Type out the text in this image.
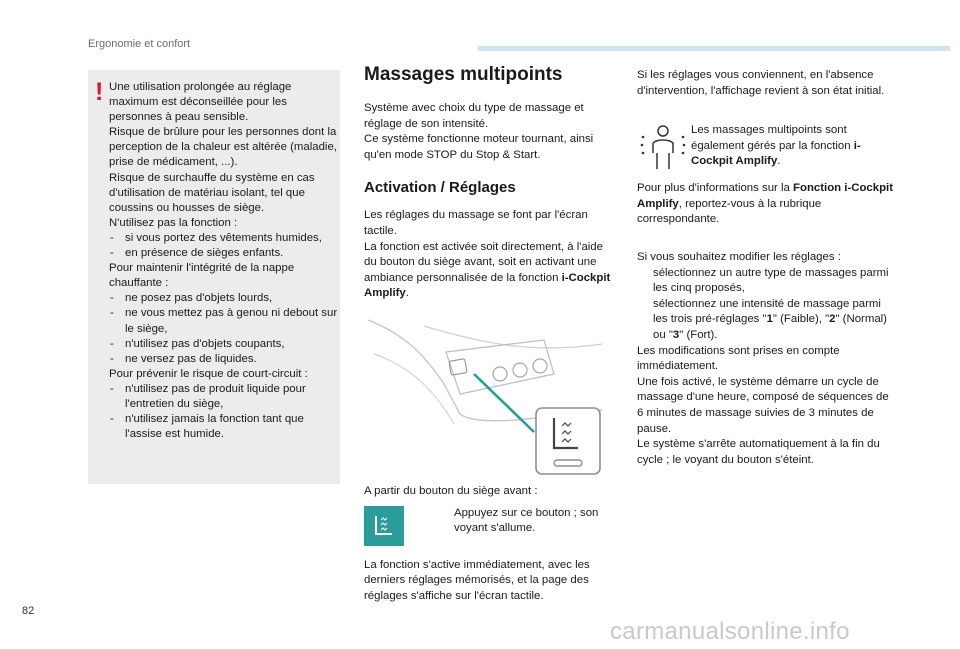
Ergonomie et confort
! Une utilisation prolongée au réglage maximum est déconseillée pour les personnes à peau sensible.

Risque de brûlure pour les personnes dont la perception de la chaleur est altérée (maladie, prise de médicament, ...).

Risque de surchauffe du système en cas d'utilisation de matériau isolant, tel que coussins ou housses de siège.

N'utilisez pas la fonction :

- si vous portez des vêtements humides,
- en présence de sièges enfants.

Pour maintenir l'intégrité de la nappe chauffante :

- ne posez pas d'objets lourds,
- ne vous mettez pas à genou ni debout sur le siège,
- n'utilisez pas d'objets coupants,
- ne versez pas de liquides.

Pour prévenir le risque de court-circuit :

- n'utilisez pas de produit liquide pour l'entretien du siège,
- n'utilisez jamais la fonction tant que l'assise est humide.
Massages multipoints

Système avec choix du type de massage et réglage de son intensité.

Ce système fonctionne moteur tournant, ainsi qu'en mode STOP du Stop & Start.

Activation / Réglages

Les réglages du massage se font par l'écran tactile.

La fonction est activée soit directement, à l'aide du bouton du siège avant, soit en activant une ambiance personnalisée de la fonction i-Cockpit Amplify.

A partir du bouton du siège avant :

Appuyez sur ce bouton ; son voyant s'allume.

La fonction s'active immédiatement, avec les derniers réglages mémorisés, et la page des réglages s'affiche sur l'écran tactile.

Si les réglages vous conviennent, en l'absence d'intervention, l'affichage revient à son état initial.

Les massages multipoints sont également gérés par la fonction i-Cockpit Amplify.

Pour plus d'informations sur la Fonction i-Cockpit Amplify, reportez-vous à la rubrique correspondante.

Si vous souhaitez modifier les réglages :

sélectionnez un autre type de massages parmi les cinq proposés,
sélectionnez une intensité de massage parmi les trois pré-réglages "1" (Faible), "2" (Normal) ou "3" (Fort).

Les modifications sont prises en compte immédiatement.

Une fois activé, le système démarre un cycle de massage d'une heure, composé de séquences de 6 minutes de massage suivies de 3 minutes de pause.

Le système s'arrête automatiquement à la fin du cycle ; le voyant du bouton s'éteint.

82
carmanualsonline.info
